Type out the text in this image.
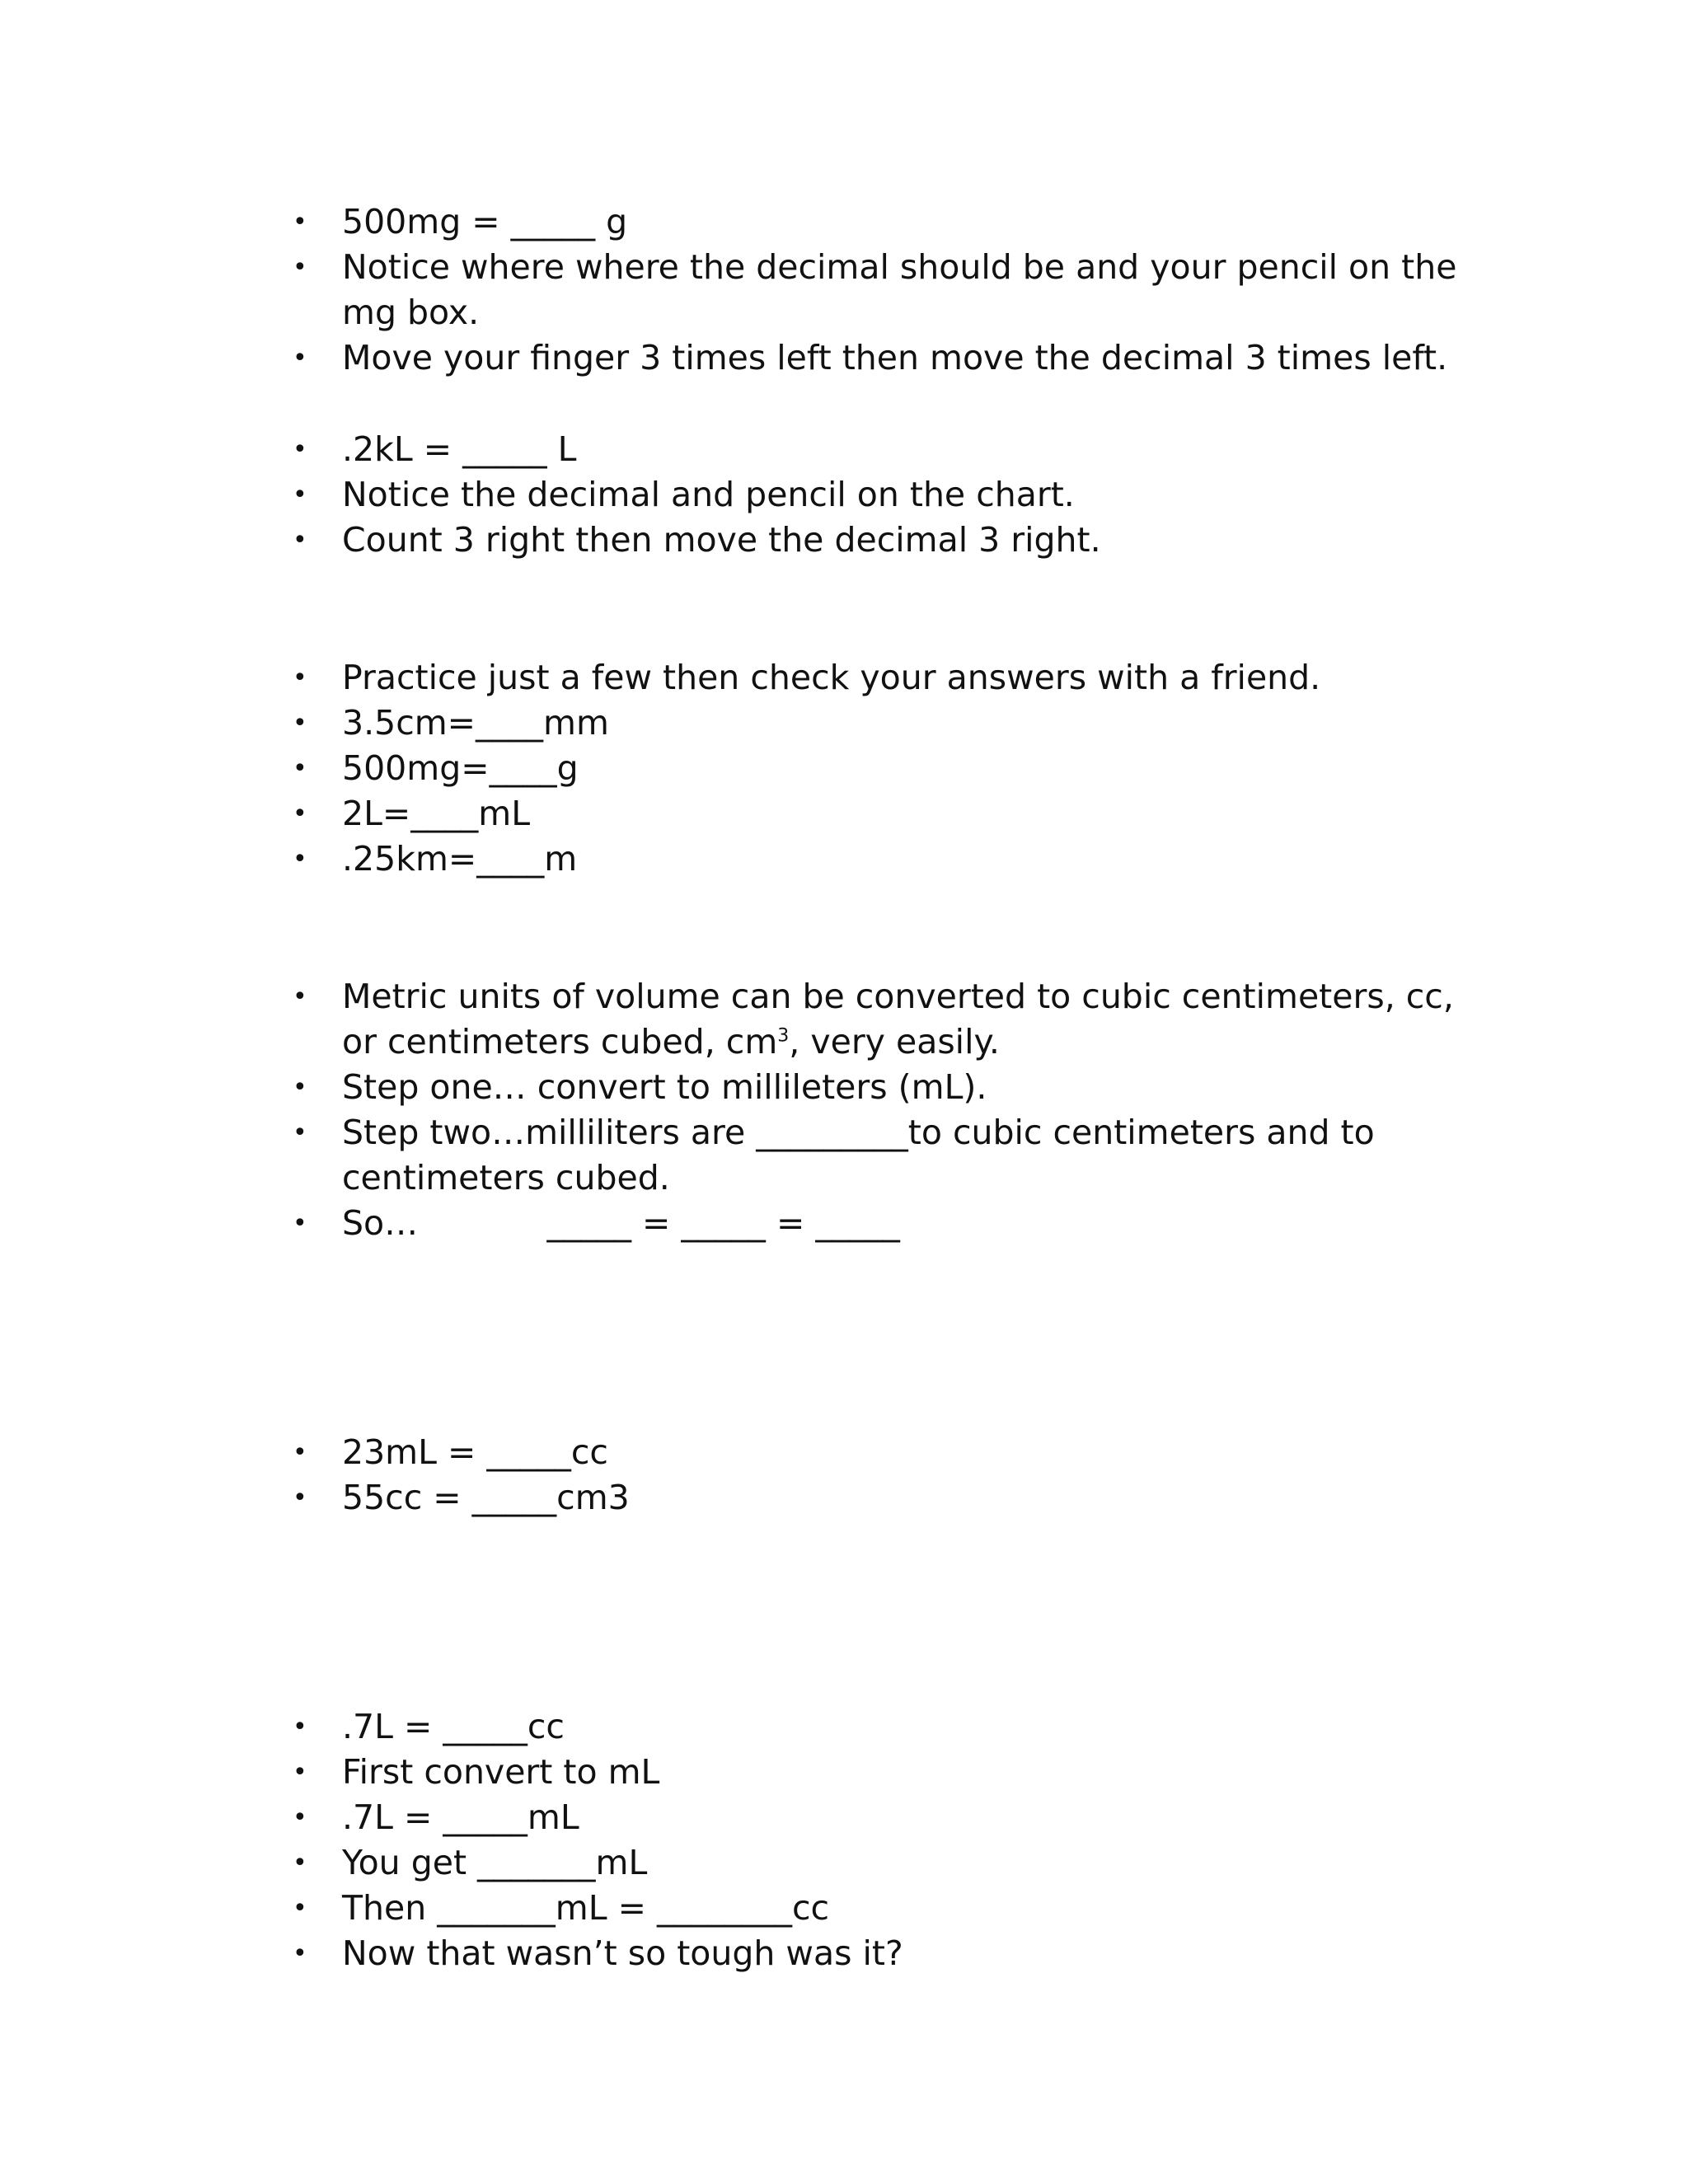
• 500mg = _____ g
• Notice where where the decimal should be and your pencil on the mg box.
• Move your finger 3 times left then move the decimal 3 times left.
• .2kL = _____ L
• Notice the decimal and pencil on the chart.
• Count 3 right then move the decimal 3 right.
• Practice just a few then check your answers with a friend.
• 3.5cm=____mm
• 500mg=____g
• 2L=____mL
• .25km=____m
• Metric units of volume can be converted to cubic centimeters, cc, or centimeters cubed, $cm^3$, very easily.
• Step one… convert to millileters (mL).
• Step two…milliliters are _________to cubic centimeters and to centimeters cubed.
• So…            _____ = _____ = _____
• 23mL = _____cc
• 55cc = _____cm3
• .7L = _____cc
• First convert to mL
• .7L = _____mL
• You get _______mL
• Then _______mL = ________cc
• Now that wasn’t so tough was it?
